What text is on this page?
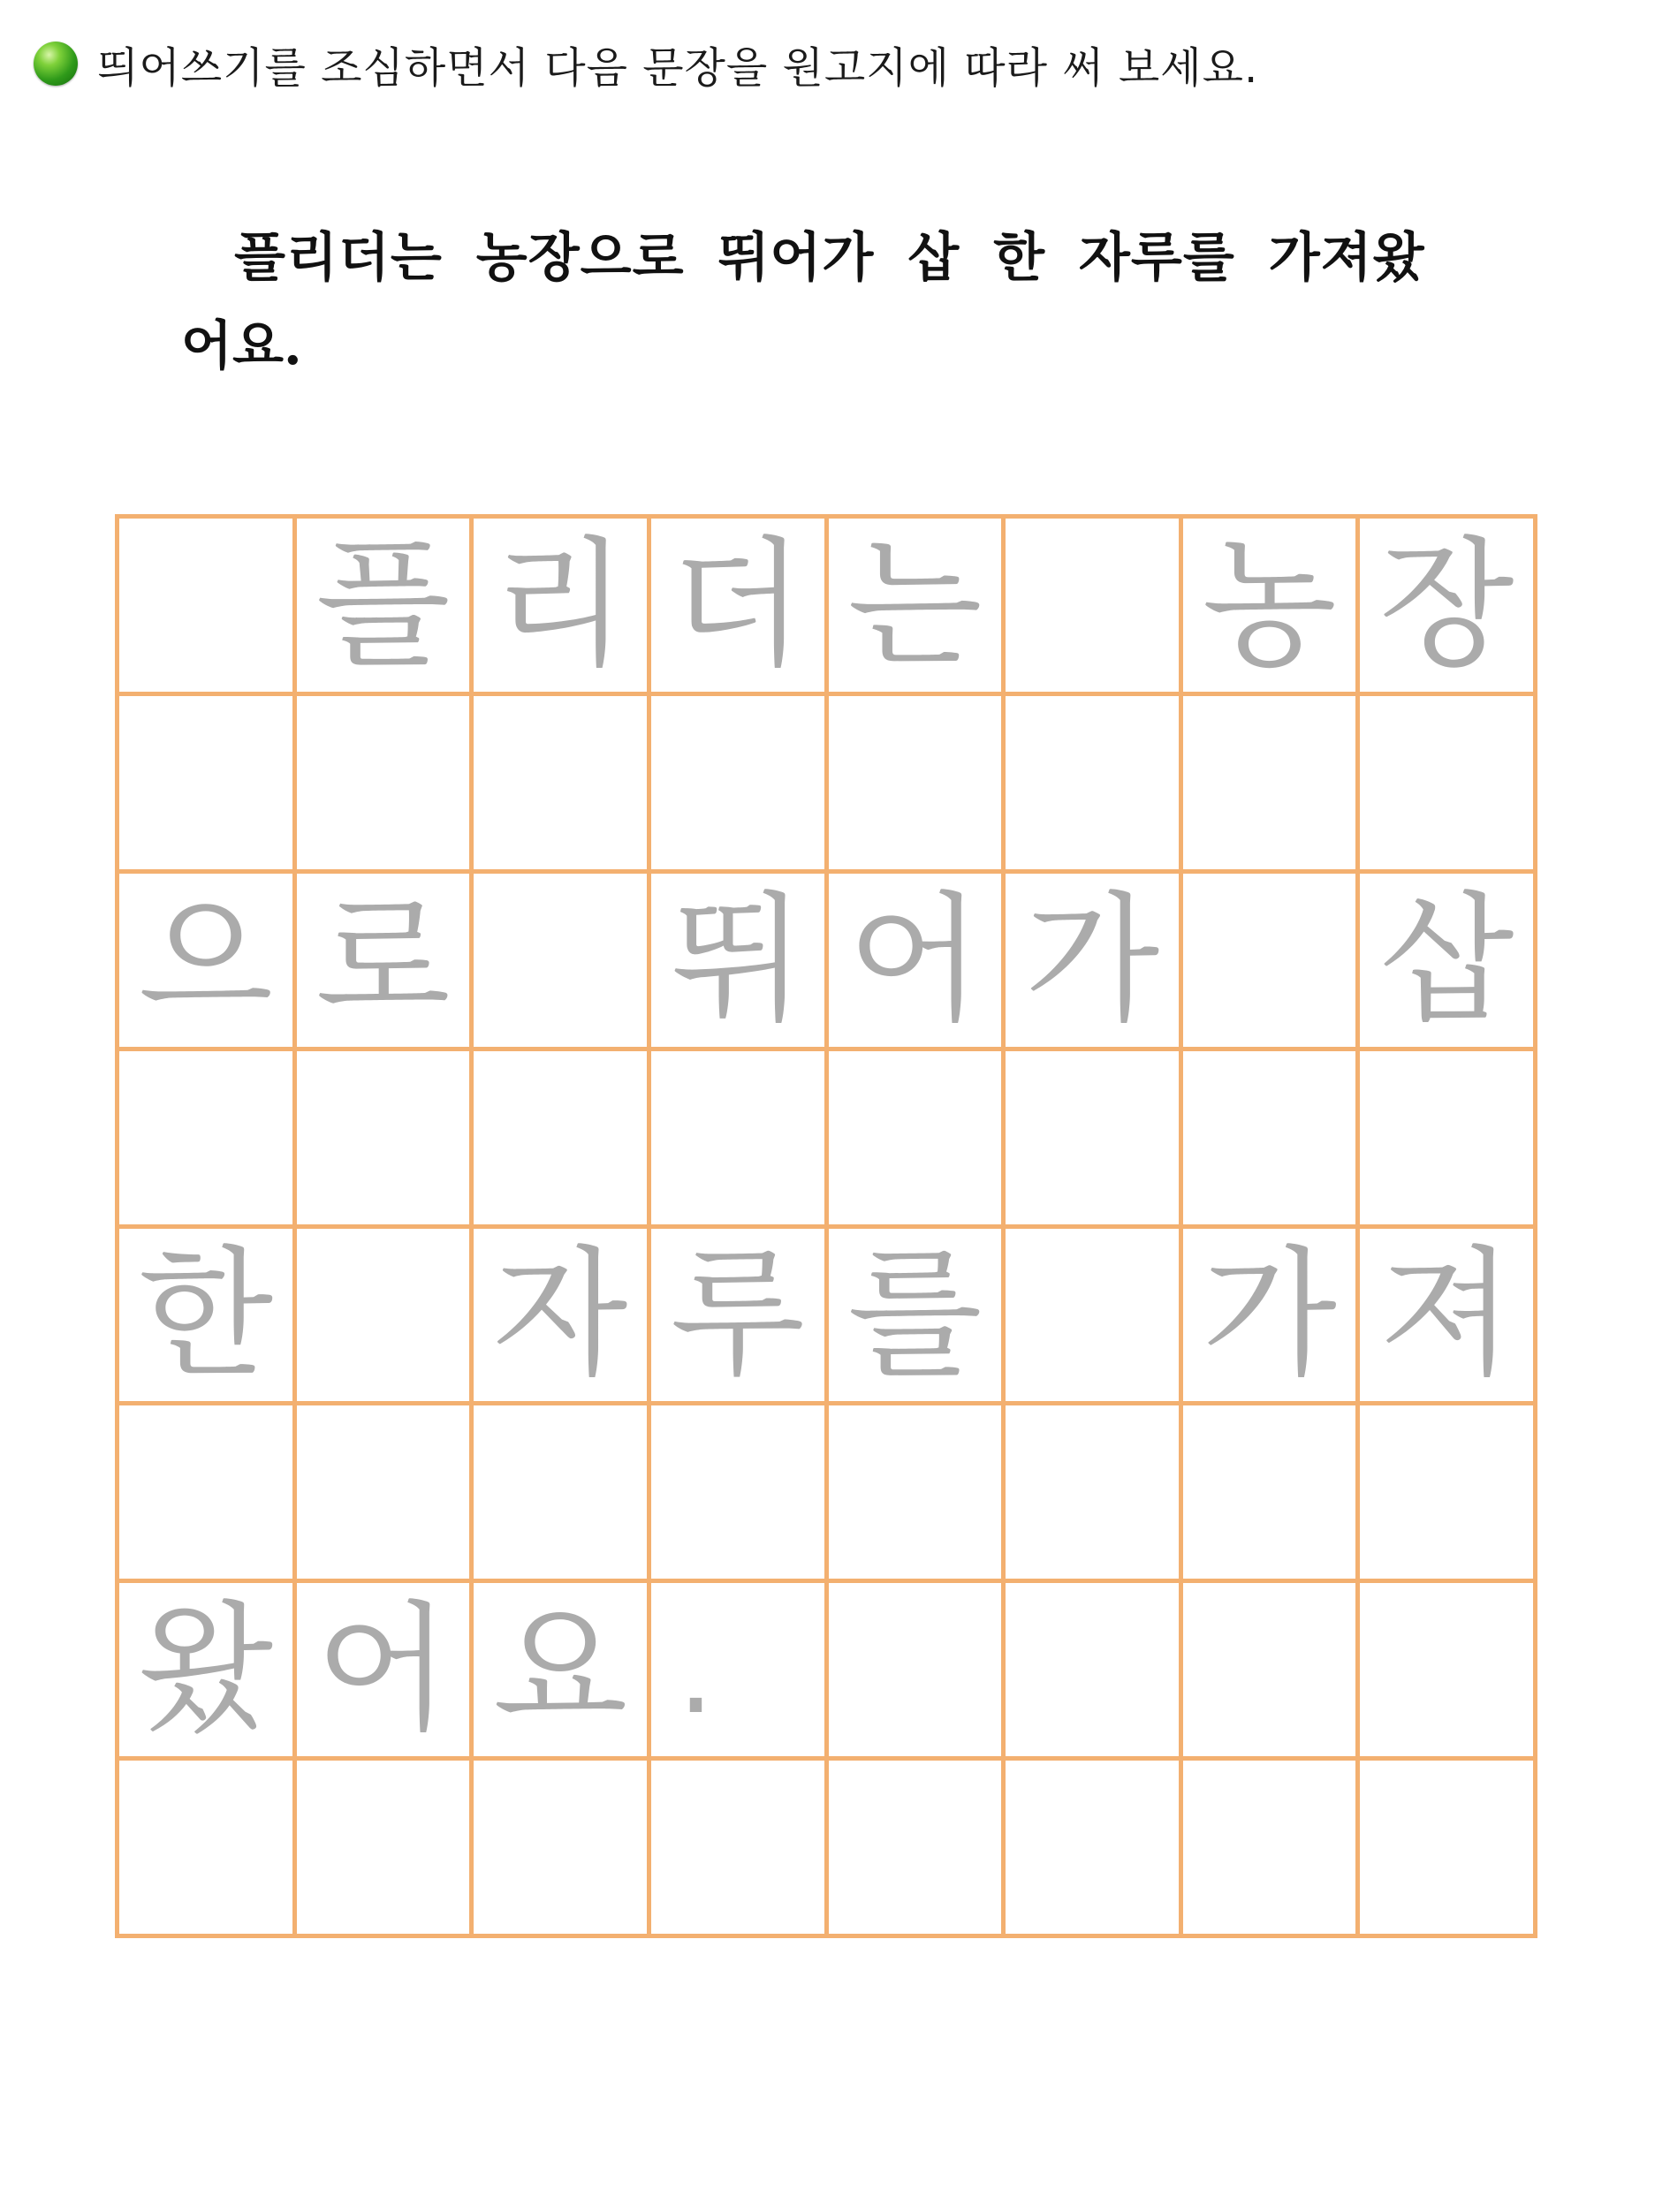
띄어쓰기를 조심하면서 다음 문장을 원고지에 따라 써 보세요.
플리더는 농장으로 뛰어가 삽 한 자루를 가져왔
어요.
플 리 더 는 농 장
으 로 뛰 어 가 삽
한 자 루 를 가 져
왔 어 요 .
